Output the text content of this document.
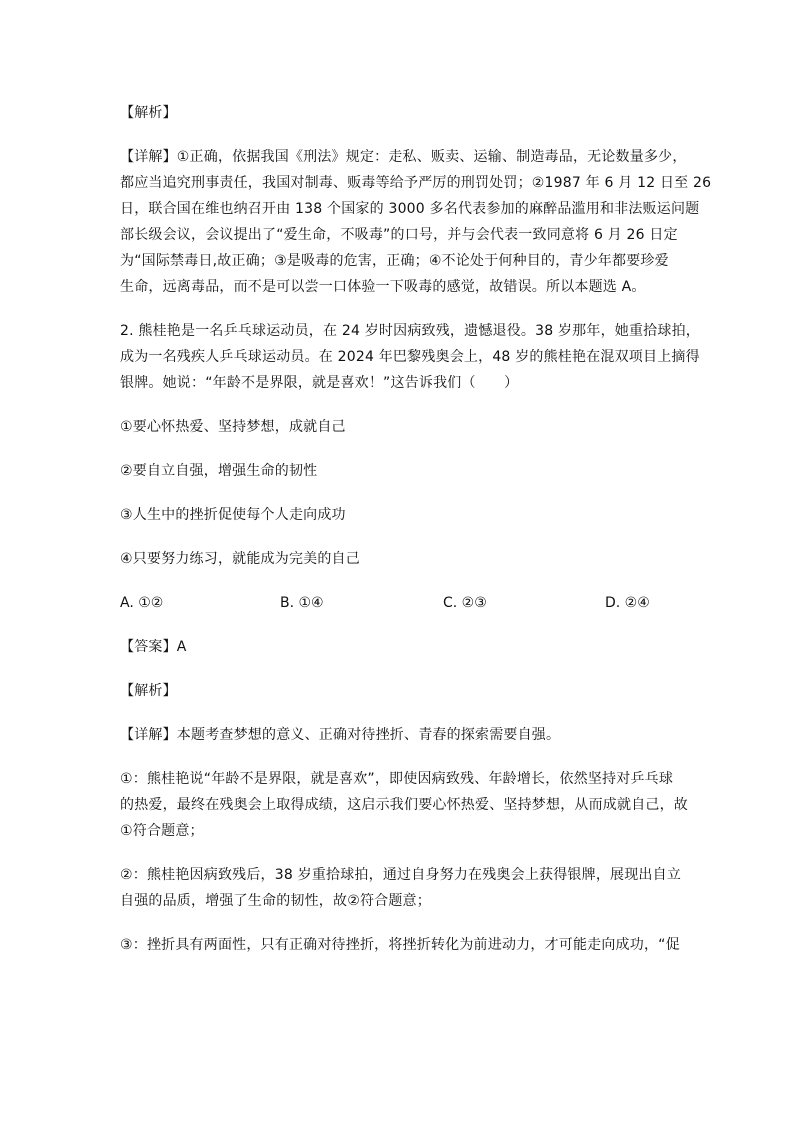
【解析】
【详解】①正确，依据我国《刑法》规定：走私、贩卖、运输、制造毒品，无论数量多少，
都应当追究刑事责任，我国对制毒、贩毒等给予严厉的刑罚处罚；②1987 年 6 月 12 日至 26
日，联合国在维也纳召开由 138 个国家的 3000 多名代表参加的麻醉品滥用和非法贩运问题
部长级会议，会议提出了“爱生命，不吸毒”的口号，并与会代表一致同意将 6 月 26 日定
为“国际禁毒日,故正确；③是吸毒的危害，正确；④不论处于何种目的，青少年都要珍爱
生命，远离毒品，而不是可以尝一口体验一下吸毒的感觉，故错误。所以本题选 A。
2. 熊桂艳是一名乒乓球运动员，在 24 岁时因病致残，遗憾退役。38 岁那年，她重拾球拍，
成为一名残疾人乒乓球运动员。在 2024 年巴黎残奥会上，48 岁的熊桂艳在混双项目上摘得
银牌。她说：“年龄不是界限，就是喜欢！”这告诉我们（　　）
①要心怀热爱、坚持梦想，成就自己
②要自立自强，增强生命的韧性
③人生中的挫折促使每个人走向成功
④只要努力练习，就能成为完美的自己
A. ①②	B. ①④	C. ②③	D. ②④
【答案】A
【解析】
【详解】本题考查梦想的意义、正确对待挫折、青春的探索需要自强。
①：熊桂艳说“年龄不是界限，就是喜欢”，即使因病致残、年龄增长，依然坚持对乒乓球
的热爱，最终在残奥会上取得成绩，这启示我们要心怀热爱、坚持梦想，从而成就自己，故
①符合题意；
②：熊桂艳因病致残后，38 岁重拾球拍，通过自身努力在残奥会上获得银牌，展现出自立
自强的品质，增强了生命的韧性，故②符合题意；
③：挫折具有两面性，只有正确对待挫折，将挫折转化为前进动力，才可能走向成功，“促
